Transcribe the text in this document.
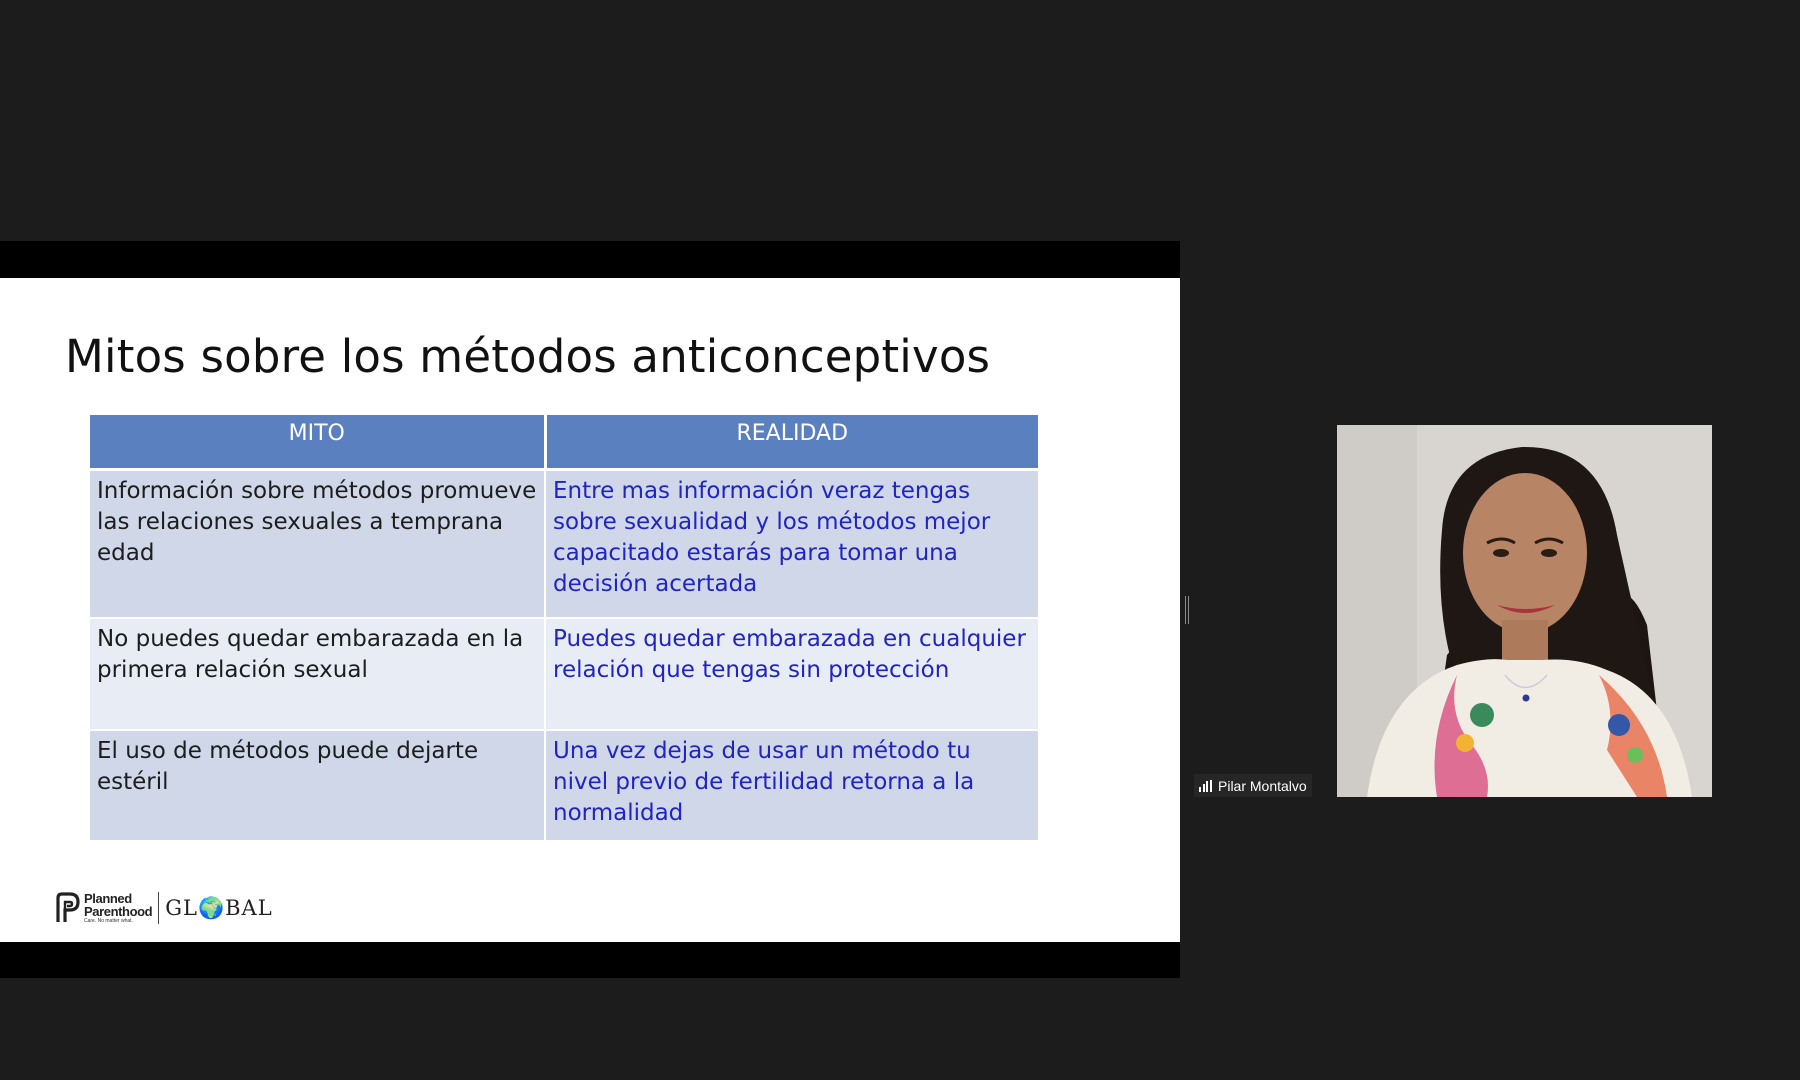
Mitos sobre los métodos anticonceptivos
MITO	REALIDAD
Información sobre métodos promueve las relaciones sexuales a temprana edad	Entre mas información veraz tengas sobre sexualidad y los métodos mejor capacitado estarás para tomar una decisión acertada
No puedes quedar embarazada en la primera relación sexual	Puedes quedar embarazada en cualquier relación que tengas sin protección
El uso de métodos puede dejarte estéril	Una vez dejas de usar un método tu nivel previo de fertilidad retorna a la normalidad
Planned
Parenthood
Care. No matter what.
GL🌍BAL
Pilar Montalvo
